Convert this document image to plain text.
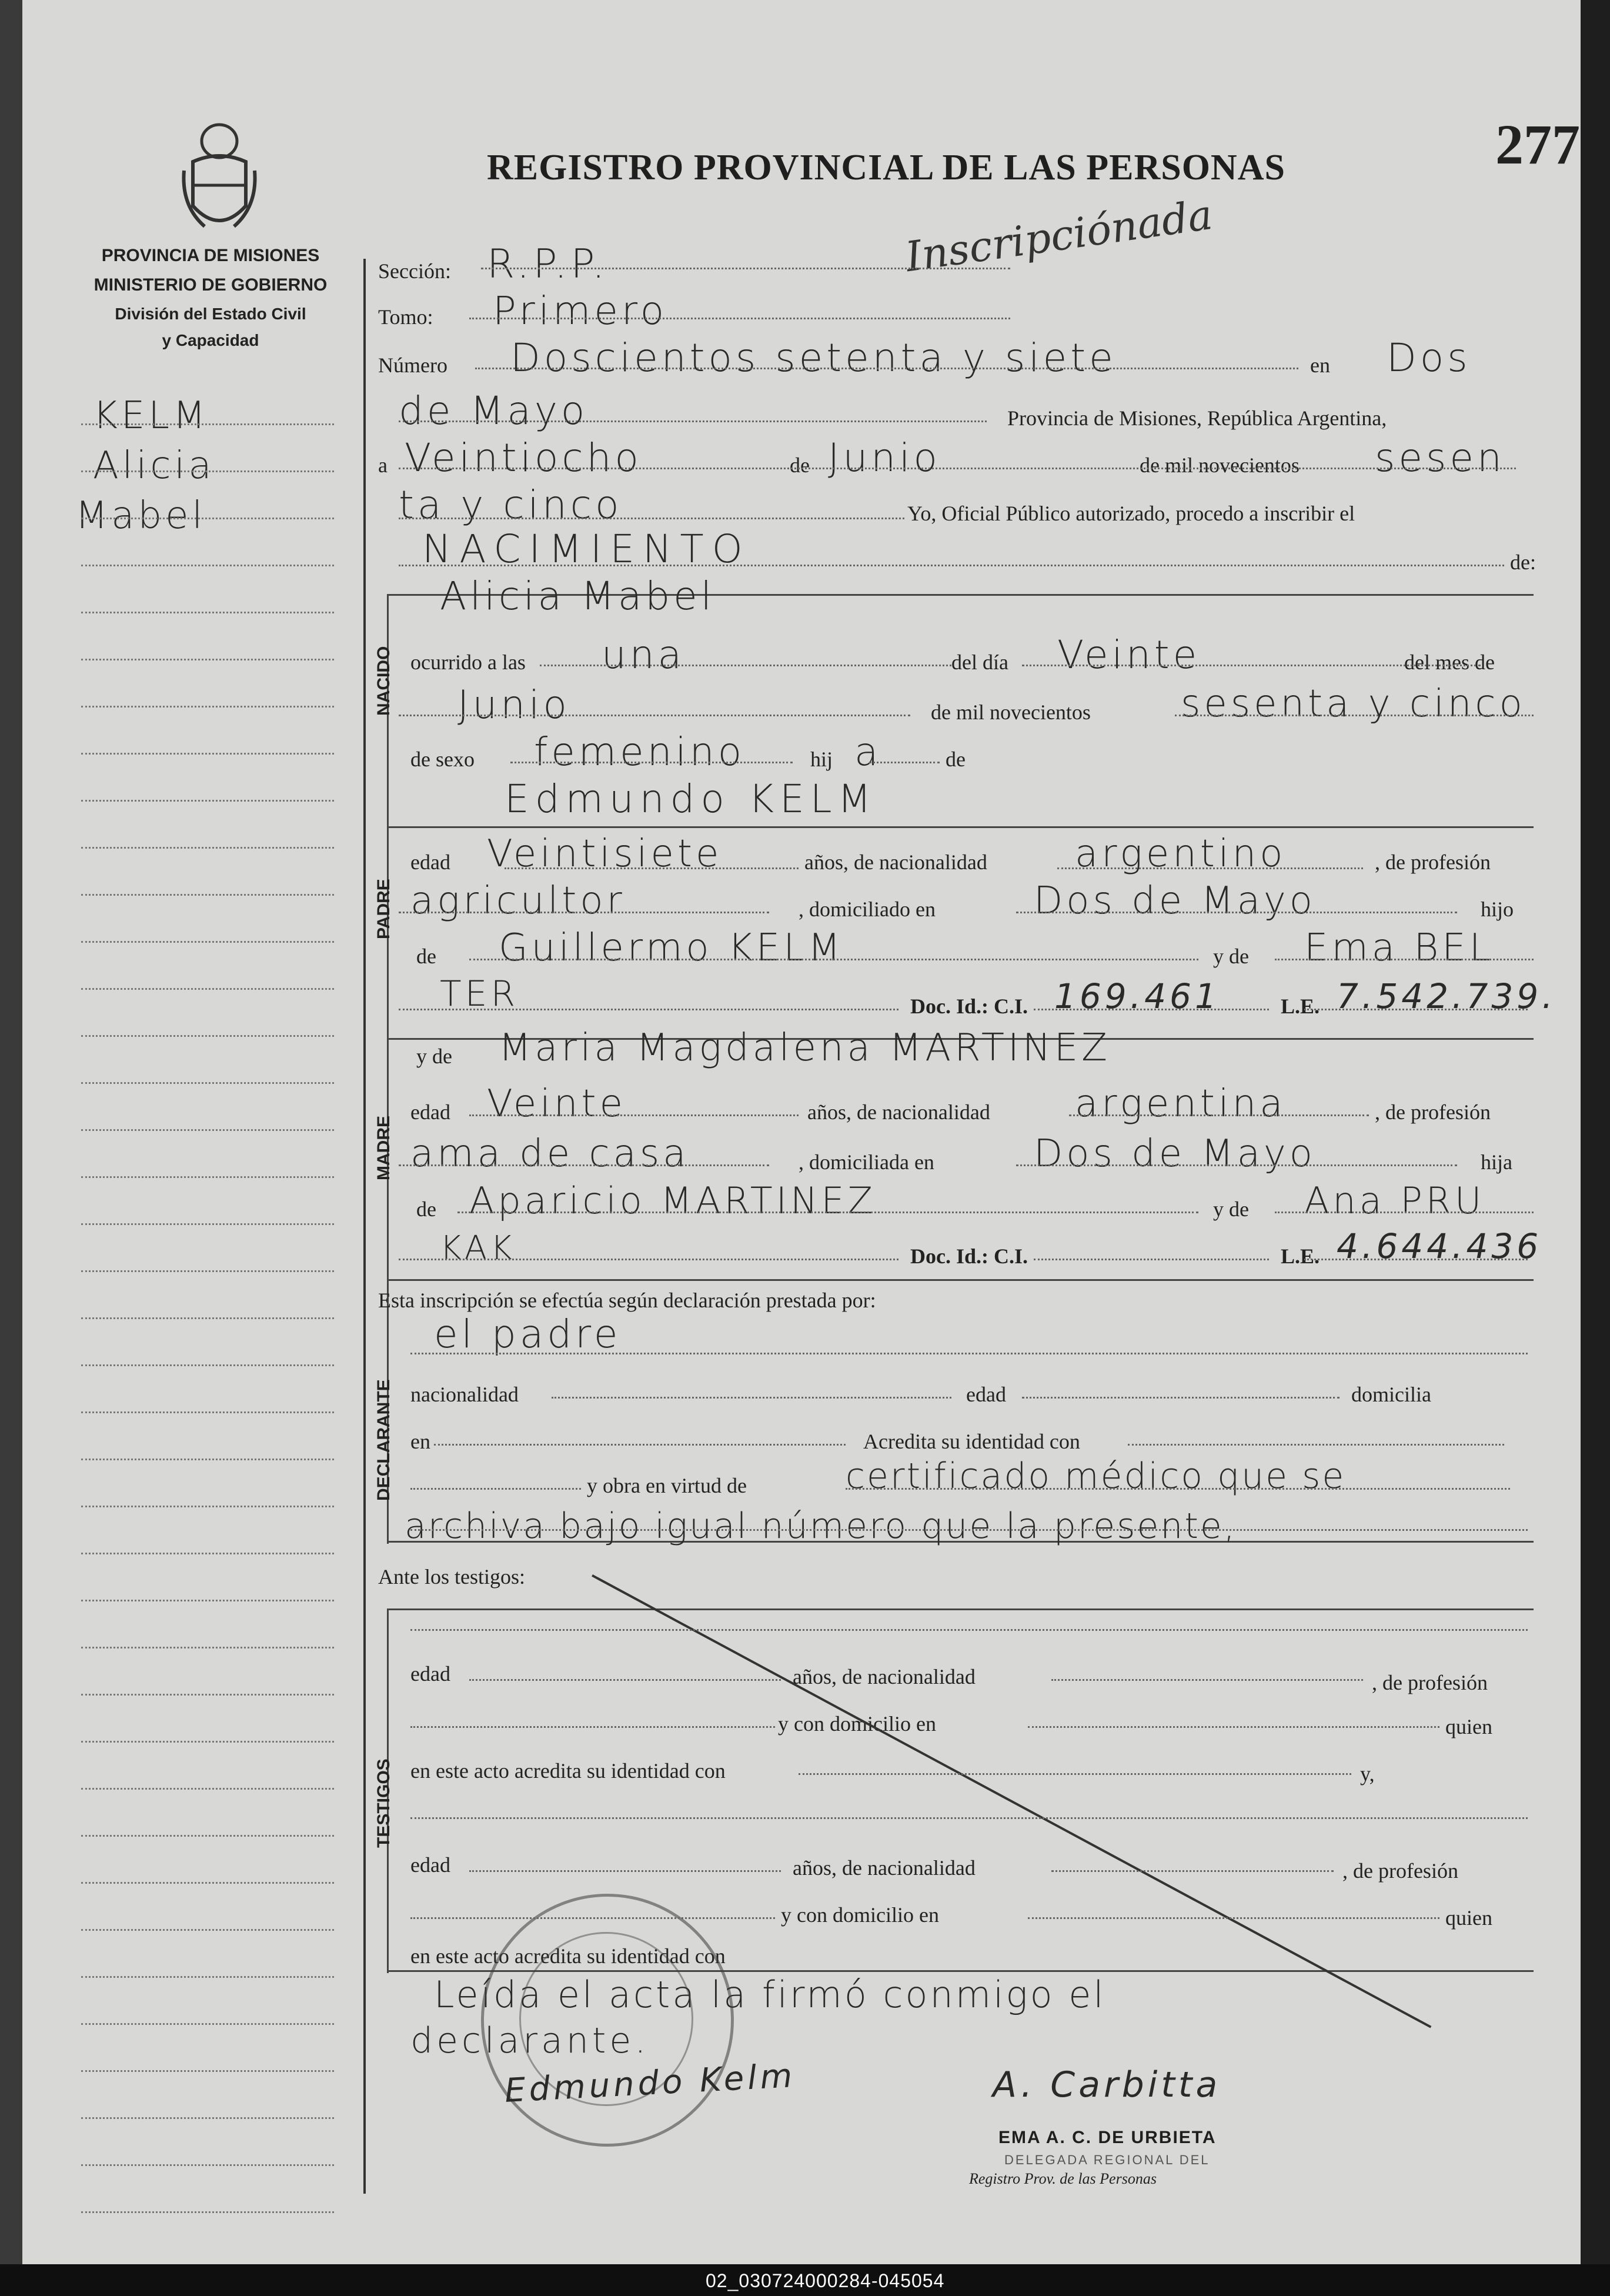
277
REGISTRO PROVINCIAL DE LAS PERSONAS
Inscripciónada
PROVINCIA DE MISIONES
MINISTERIO DE GOBIERNO
División del Estado Civil
y Capacidad
KELM
Alicia
Mabel
NACIDO
PADRE
MADRE
DECLARANTE
TESTIGOS
Sección: R.P.P.
Tomo: Primero
Número Doscientos setenta y siete	en Dos
de Mayo	Provincia de Misiones, República Argentina,
a Veintiocho	de Junio	de mil novecientos sesen
ta y cinco	Yo, Oficial Público autorizado, procedo a inscribir el
NACIMIENTO	de:
Alicia Mabel
ocurrido a las una	del día Veinte	del mes de
Junio	de mil novecientos sesenta y cinco
de sexo femenino	hij a	de
Edmundo KELM
edad Veintisiete	años, de nacionalidad argentino	, de profesión
agricultor	, domiciliado en	Dos de Mayo	hijo
de Guillermo KELM	y de Ema BEL
TER	Doc. Id.: C.I. 169.461	L.E. 7.542.739.
y de Maria Magdalena MARTINEZ
edad Veinte	años, de nacionalidad argentina	, de profesión
ama de casa	, domiciliada en	Dos de Mayo	hija
de Aparicio MARTINEZ	y de Ana PRU
KAK	Doc. Id.: C.I.	L.E. 4.644.436
Esta inscripción se efectúa según declaración prestada por:
el padre
nacionalidad	edad	domicilia
en	Acredita su identidad con
y obra en virtud de	certificado médico que se
archiva bajo igual número que la presente,
Ante los testigos:
edad	años, de nacionalidad	, de profesión
y con domicilio en	quien
en este acto acredita su identidad con	y,
edad	años, de nacionalidad	, de profesión
y con domicilio en	quien
en este acto acredita su identidad con
Leída el acta la firmó conmigo el
declarante.
Edmundo Kelm	A. Carbitta
EMA A. C. DE URBIETA
DELEGADA REGIONAL DEL
Registro Prov. de las Personas
02_030724000284-045054
